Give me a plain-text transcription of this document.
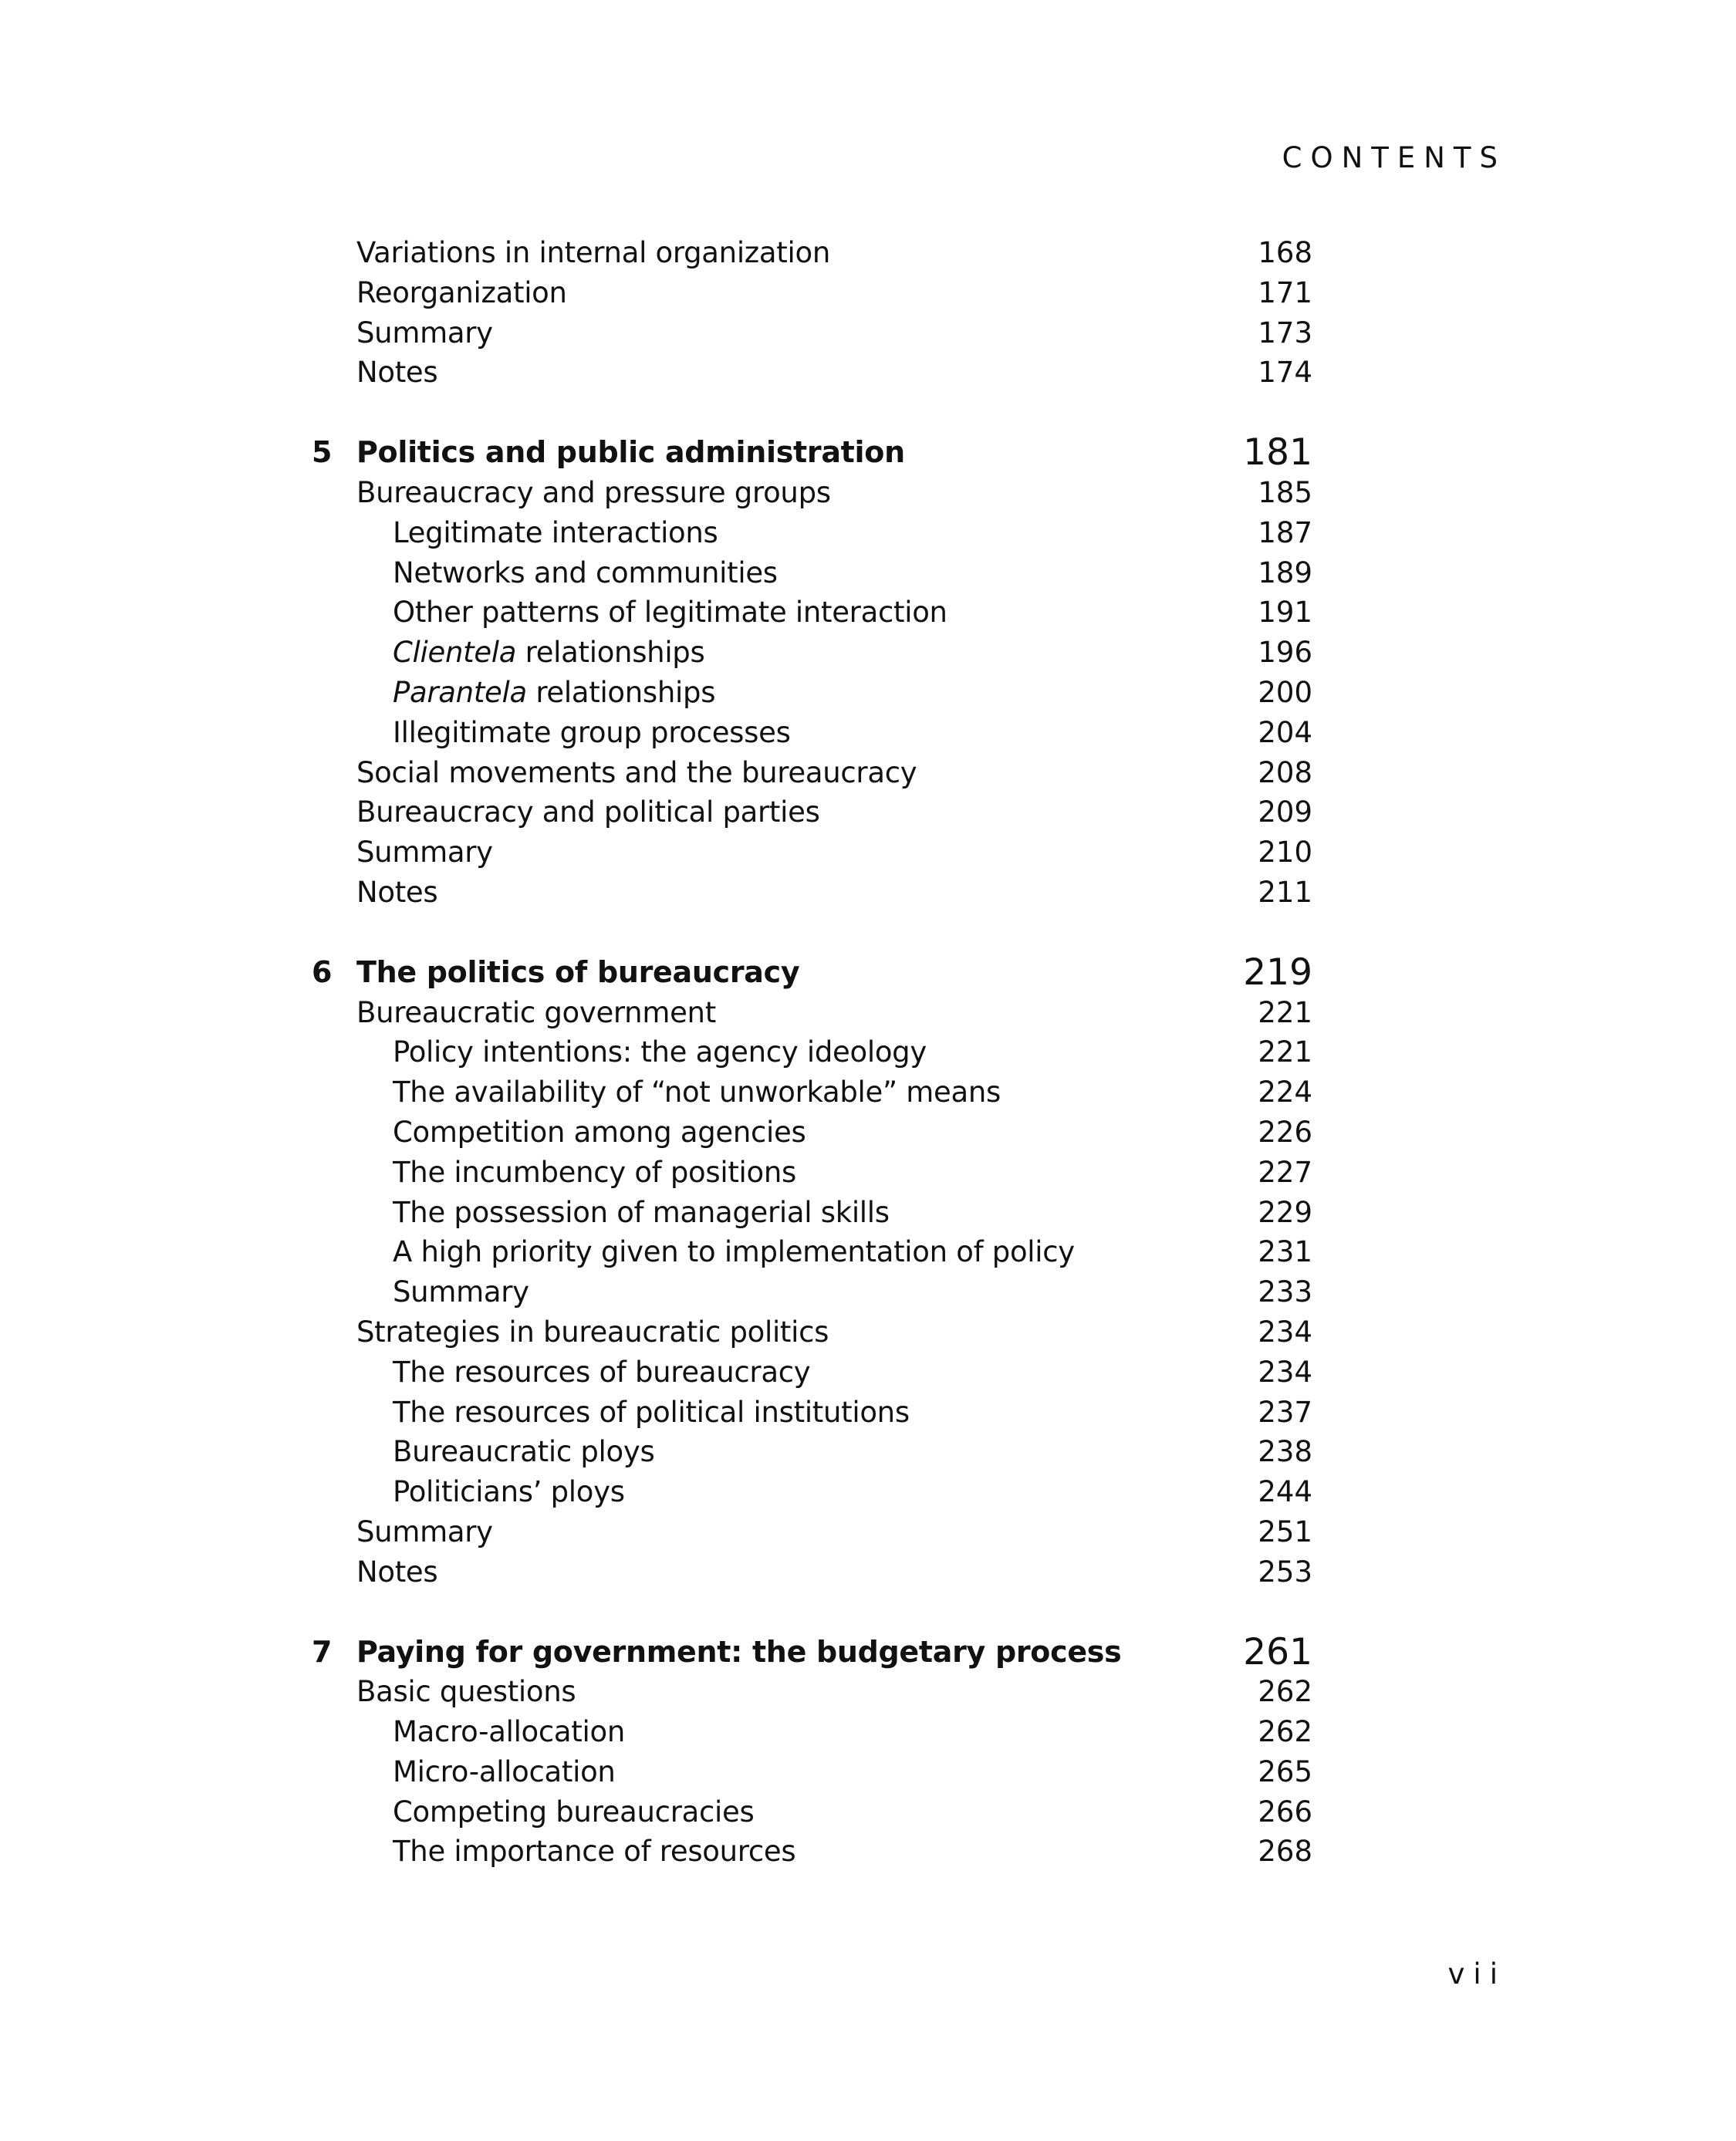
CONTENTS
Variations in internal organization	168
Reorganization	171
Summary	173
Notes	174
5 Politics and public administration	181
Bureaucracy and pressure groups	185
Legitimate interactions	187
Networks and communities	189
Other patterns of legitimate interaction	191
Clientela relationships	196
Parantela relationships	200
Illegitimate group processes	204
Social movements and the bureaucracy	208
Bureaucracy and political parties	209
Summary	210
Notes	211
6 The politics of bureaucracy	219
Bureaucratic government	221
Policy intentions: the agency ideology	221
The availability of “not unworkable” means	224
Competition among agencies	226
The incumbency of positions	227
The possession of managerial skills	229
A high priority given to implementation of policy	231
Summary	233
Strategies in bureaucratic politics	234
The resources of bureaucracy	234
The resources of political institutions	237
Bureaucratic ploys	238
Politicians’ ploys	244
Summary	251
Notes	253
7 Paying for government: the budgetary process	261
Basic questions	262
Macro-allocation	262
Micro-allocation	265
Competing bureaucracies	266
The importance of resources	268
vii
